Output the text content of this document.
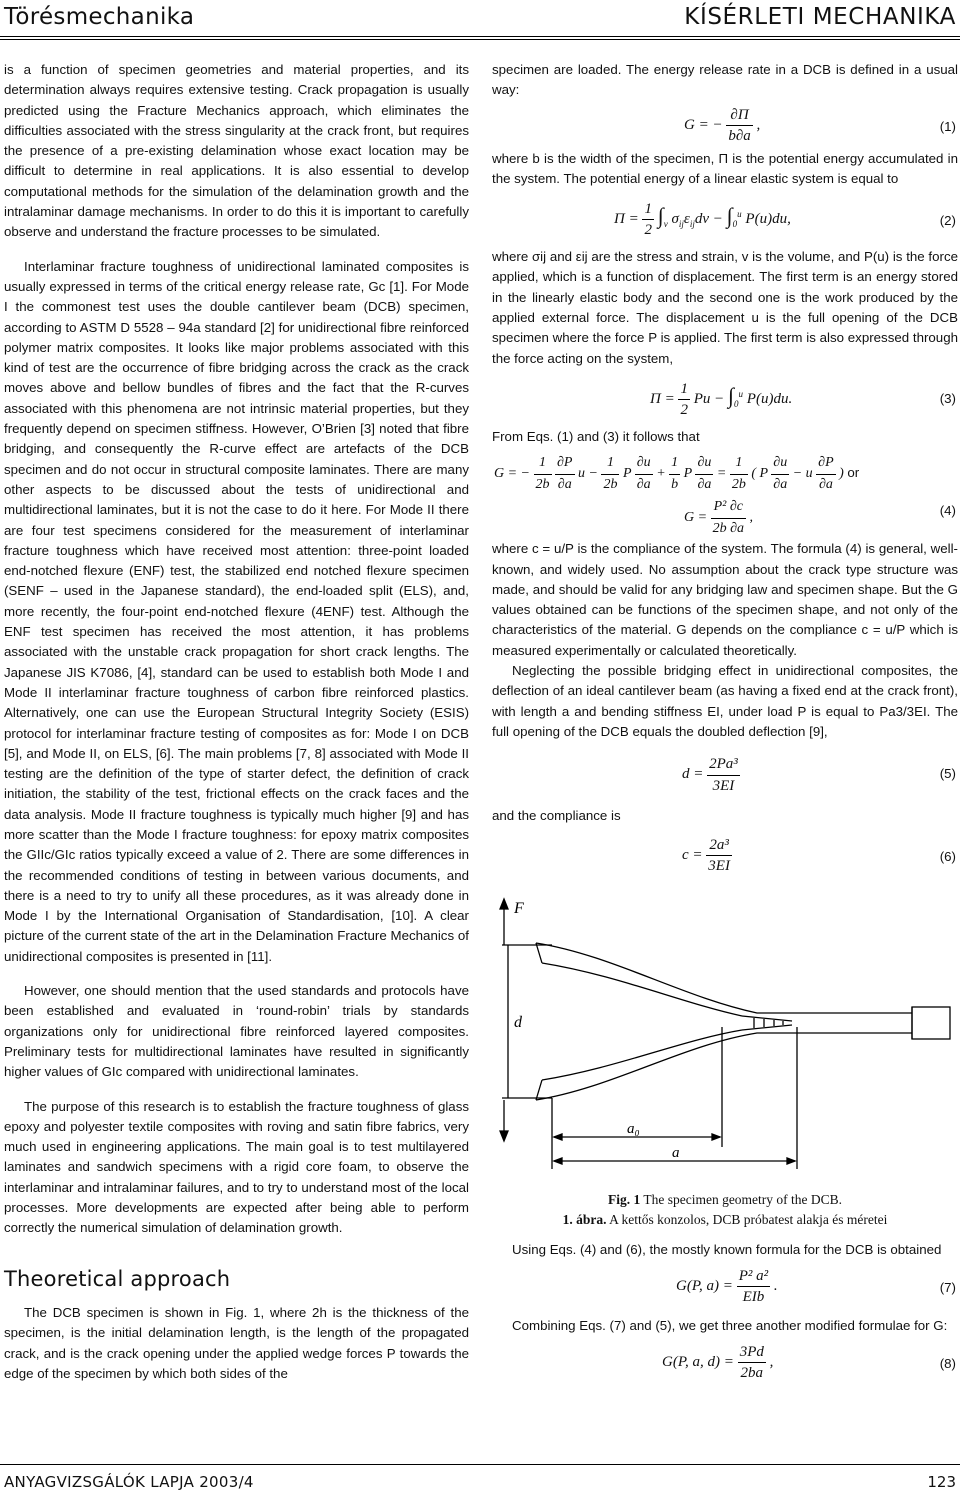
Törésmechanika	KÍSÉRLETI MECHANIKA

is a function of specimen geometries and material properties, and its determination always requires extensive testing. Crack propagation is usually predicted using the Fracture Mechanics approach, which eliminates the difficulties associated with the stress singularity at the crack front, but requires the presence of a pre-existing delamination whose exact location may be difficult to determine in real applications. It is also essential to develop computational methods for the simulation of the delamination growth and the intralaminar damage mechanisms. In order to do this it is important to carefully observe and understand the fracture processes to be simulated.

Interlaminar fracture toughness of unidirectional laminated composites is usually expressed in terms of the critical energy release rate, Gc [1]. For Mode I the commonest test uses the double cantilever beam (DCB) specimen, according to ASTM D 5528 – 94a standard [2] for unidirectional fibre reinforced polymer matrix composites. It looks like major problems associated with this kind of test are the occurrence of fibre bridging across the crack as the crack moves above and bellow bundles of fibres and the fact that the R-curves associated with this phenomena are not intrinsic material properties, but they frequently depend on specimen stiffness. However, O’Brien [3] noted that fibre bridging, and consequently the R-curve effect are artefacts of the DCB specimen and do not occur in structural composite laminates. There are many other aspects to be discussed about the tests of unidirectional and multidirectional laminates, but it is not the case to do it here. For Mode II there are four test specimens considered for the measurement of interlaminar fracture toughness which have received most attention: three-point loaded end-notched flexure (ENF) test, the stabilized end notched flexure specimen (SENF – used in the Japanese standard), the end-loaded split (ELS), and, more recently, the four-point end-notched flexure (4ENF) test. Although the ENF test specimen has received the most attention, it has problems associated with the unstable crack propagation for short crack lengths. The Japanese JIS K7086, [4], standard can be used to establish both Mode I and Mode II interlaminar fracture toughness of carbon fibre reinforced plastics. Alternatively, one can use the European Structural Integrity Society (ESIS) protocol for interlaminar fracture testing of composites as for: Mode I on DCB [5], and Mode II, on ELS, [6]. The main problems [7, 8] associated with Mode II testing are the definition of the type of starter defect, the definition of crack initiation, the stability of the test, frictional effects on the crack faces and the data analysis. Mode II fracture toughness is typically much higher [9] and has more scatter than the Mode I fracture toughness: for epoxy matrix composites the GIIc/GIc ratios typically exceed a value of 2. There are some differences in the recommended conditions of testing in between various documents, and there is a need to try to unify all these procedures, as it was already done in Mode I by the International Organisation of Standardisation, [10]. A clear picture of the current state of the art in the Delamination Fracture Mechanics of unidirectional composites is presented in [11].

However, one should mention that the used standards and protocols have been established and evaluated in ‘round-robin’ trials by standards organizations only for unidirectional fibre reinforced layered composites. Preliminary tests for multidirectional laminates have resulted in significantly higher values of GIc compared with unidirectional laminates.

The purpose of this research is to establish the fracture toughness of glass epoxy and polyester textile composites with roving and satin fibre fabrics, very much used in engineering applications. The main goal is to test multilayered laminates and sandwich specimens with a rigid core foam, to observe the interlaminar and intralaminar failures, and to try to understand most of the local processes. More developments are expected after being able to perform correctly the numerical simulation of delamination growth.

Theoretical approach

The DCB specimen is shown in Fig. 1, where 2h is the thickness of the specimen, is the initial delamination length, is the length of the propagated crack, and is the crack opening under the applied wedge forces P towards the edge of the specimen by which both sides of the

specimen are loaded. The energy release rate in a DCB is defined in a usual way:

G = − $\frac{\partial\Pi}{b\partial a}$ ,	(1)

where b is the width of the specimen, Π is the potential energy accumulated in the system. The potential energy of a linear elastic system is equal to

$\Pi = \frac{1}{2} \int_v$ $\sigma_{ij}\varepsilon_{ij}dv - \int_0^u$ P(u)du,	(2)

where σij and εij are the stress and strain, v is the volume, and P(u) is the force applied, which is a function of displacement. The first term is an energy stored in the linearly elastic body and the second one is the work produced by the applied external force. The displacement u is the full opening of the DCB specimen where the force P is applied. The first term is also expressed through the force acting on the system,

$\Pi = \frac{1}{2}$ $Pu - \int_0^u$ P(u)du.	(3)

From Eqs. (1) and (3) it follows that

G = − $\frac{1}{2b}$
$\frac{\partial P}{\partial a}$ $u - \frac{1}{2b}$ P $\frac{\partial u}{\partial a} + \frac{1}{b}$ P $\frac{\partial u}{\partial a} = \frac{1}{2b}$ ( P $\frac{\partial u}{\partial a} - u \frac{\partial P}{\partial a}$ ) or
$G = \frac{\text{P² ∂c}}{2b \partial a}$ ,	(4)

where c = u/P is the compliance of the system. The formula (4) is general, well-known, and widely used. No assumption about the crack type structure was made, and should be valid for any bridging law and specimen shape. But the G values obtained can be functions of the specimen shape, and not only of the characteristics of the material. G depends on the compliance c = u/P which is measured experimentally or calculated theoretically.

Neglecting the possible bridging effect in unidirectional composites, the deflection of an ideal cantilever beam (as having a fixed end at the crack front), with length a and bending stiffness EI, under load P is equal to Pa3/3EI. The full opening of the DCB equals the doubled deflection [9],

$d = \frac{\text{2Pa³}}{3EI}$	(5)

and the compliance is

$c = \frac{\text{2a³}}{3EI}$	(6)
F
d
a₀
a
Fig. 1 The specimen geometry of the DCB.
1. ábra. A kettős konzolos, DCB próbatest alakja és méretei

Using Eqs. (4) and (6), the mostly known formula for the DCB is obtained

G(P, $a) = \frac{\text{P² a²}}{\text{EIb}}$ .	(7)

Combining Eqs. (7) and (5), we get three another modified formulae for G:

G(P, a, $d) = \frac{3Pd}{2ba}$ ,	(8)
ANYAGVIZSGÁLÓK LAPJA 2003/4	123
